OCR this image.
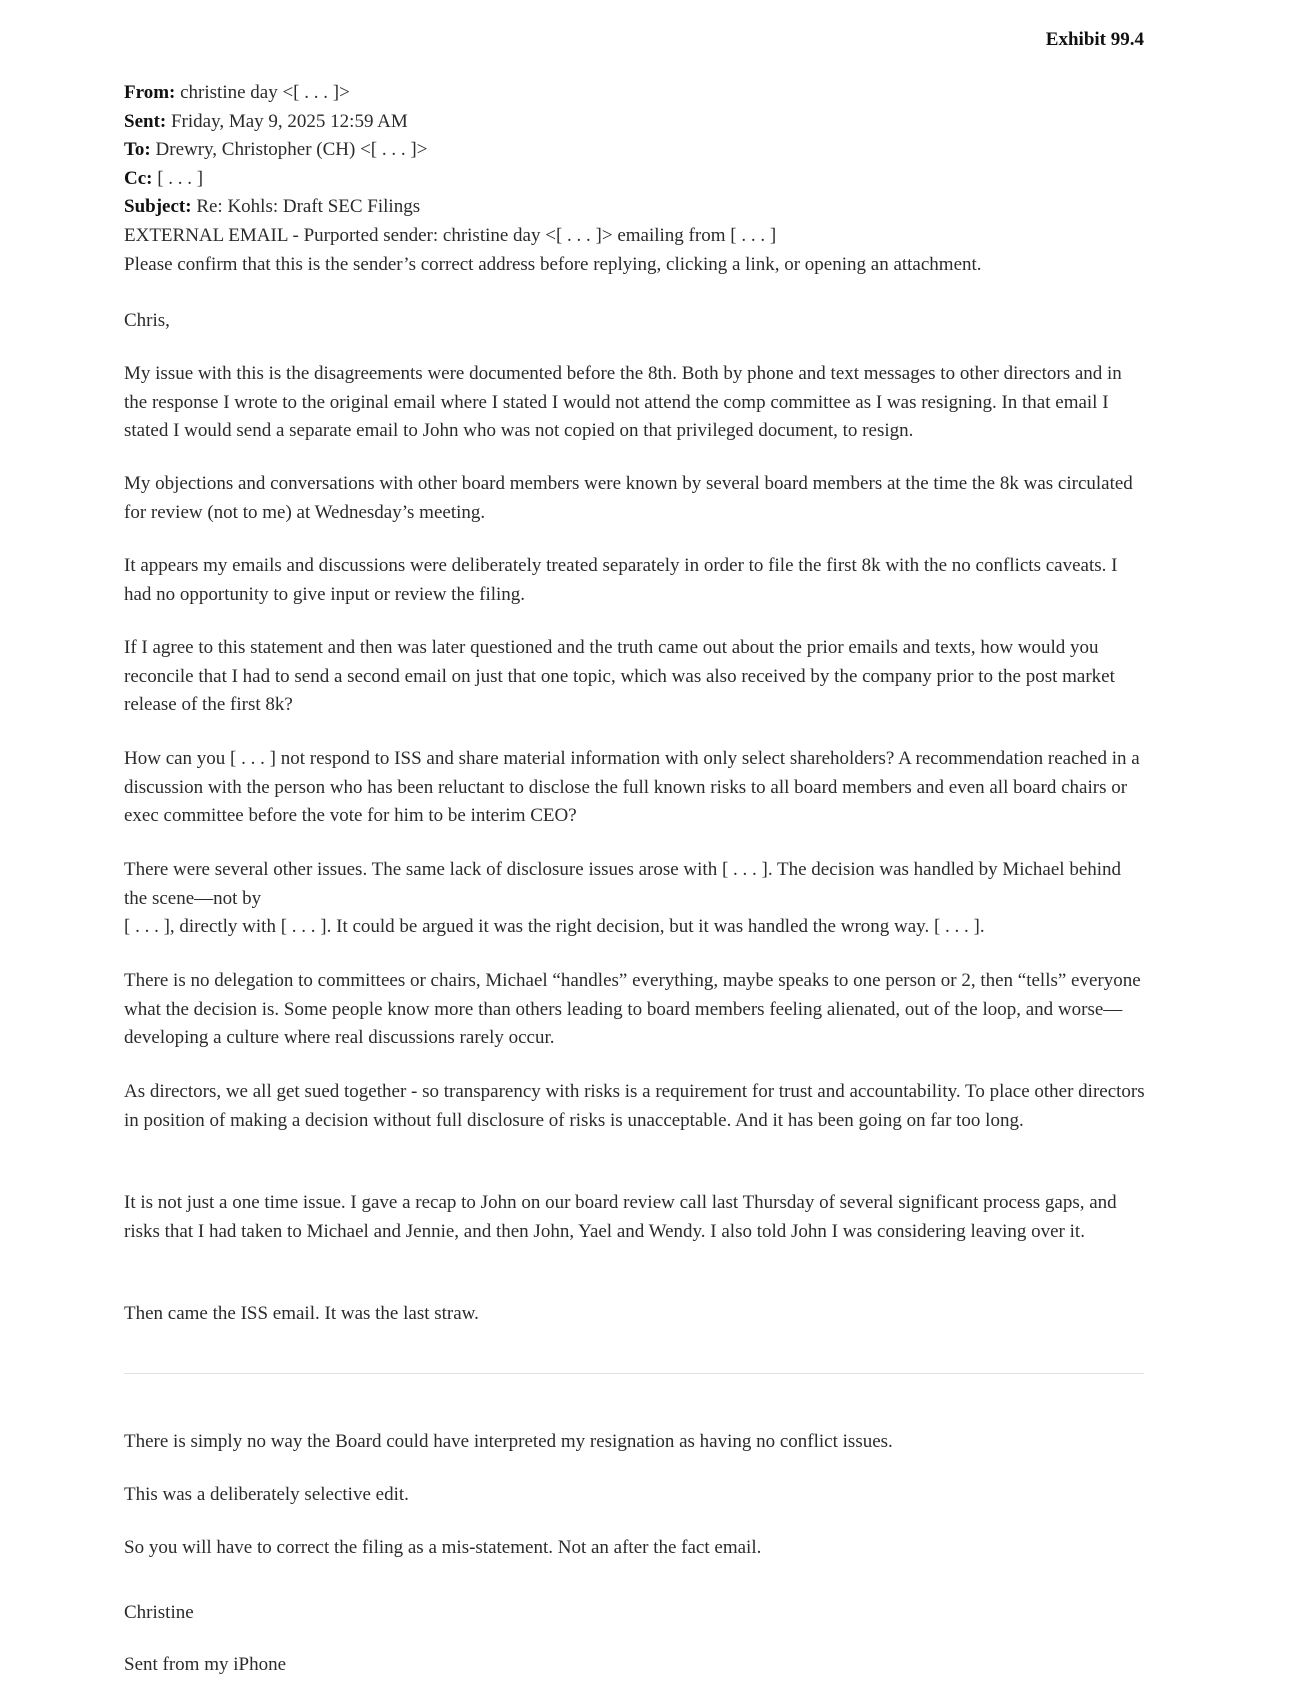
Exhibit 99.4
From: christine day <[ . . . ]>
Sent: Friday, May 9, 2025 12:59 AM
To: Drewry, Christopher (CH) <[ . . . ]>
Cc: [ . . . ]
Subject: Re: Kohls: Draft SEC Filings
EXTERNAL EMAIL - Purported sender: christine day <[ . . . ]> emailing from [ . . . ]
Please confirm that this is the sender’s correct address before replying, clicking a link, or opening an attachment.

Chris,

My issue with this is the disagreements were documented before the 8th. Both by phone and text messages to other directors and in the response I wrote to the original email where I stated I would not attend the comp committee as I was resigning. In that email I stated I would send a separate email to John who was not copied on that privileged document, to resign.

My objections and conversations with other board members were known by several board members at the time the 8k was circulated for review (not to me) at Wednesday’s meeting.

It appears my emails and discussions were deliberately treated separately in order to file the first 8k with the no conflicts caveats. I had no opportunity to give input or review the filing.

If I agree to this statement and then was later questioned and the truth came out about the prior emails and texts, how would you reconcile that I had to send a second email on just that one topic, which was also received by the company prior to the post market release of the first 8k?

How can you [ . . . ] not respond to ISS and share material information with only select shareholders? A recommendation reached in a discussion with the person who has been reluctant to disclose the full known risks to all board members and even all board chairs or exec committee before the vote for him to be interim CEO?

There were several other issues. The same lack of disclosure issues arose with [ . . . ]. The decision was handled by Michael behind the scene—not by

[ . . . ], directly with [ . . . ]. It could be argued it was the right decision, but it was handled the wrong way. [ . . . ].

There is no delegation to committees or chairs, Michael “handles” everything, maybe speaks to one person or 2, then “tells” everyone what the decision is. Some people know more than others leading to board members feeling alienated, out of the loop, and worse—developing a culture where real discussions rarely occur.

As directors, we all get sued together - so transparency with risks is a requirement for trust and accountability. To place other directors in position of making a decision without full disclosure of risks is unacceptable. And it has been going on far too long.

It is not just a one time issue. I gave a recap to John on our board review call last Thursday of several significant process gaps, and risks that I had taken to Michael and Jennie, and then John, Yael and Wendy. I also told John I was considering leaving over it.

Then came the ISS email. It was the last straw.

There is simply no way the Board could have interpreted my resignation as having no conflict issues.

This was a deliberately selective edit.

So you will have to correct the filing as a mis-statement. Not an after the fact email.

Christine

Sent from my iPhone
